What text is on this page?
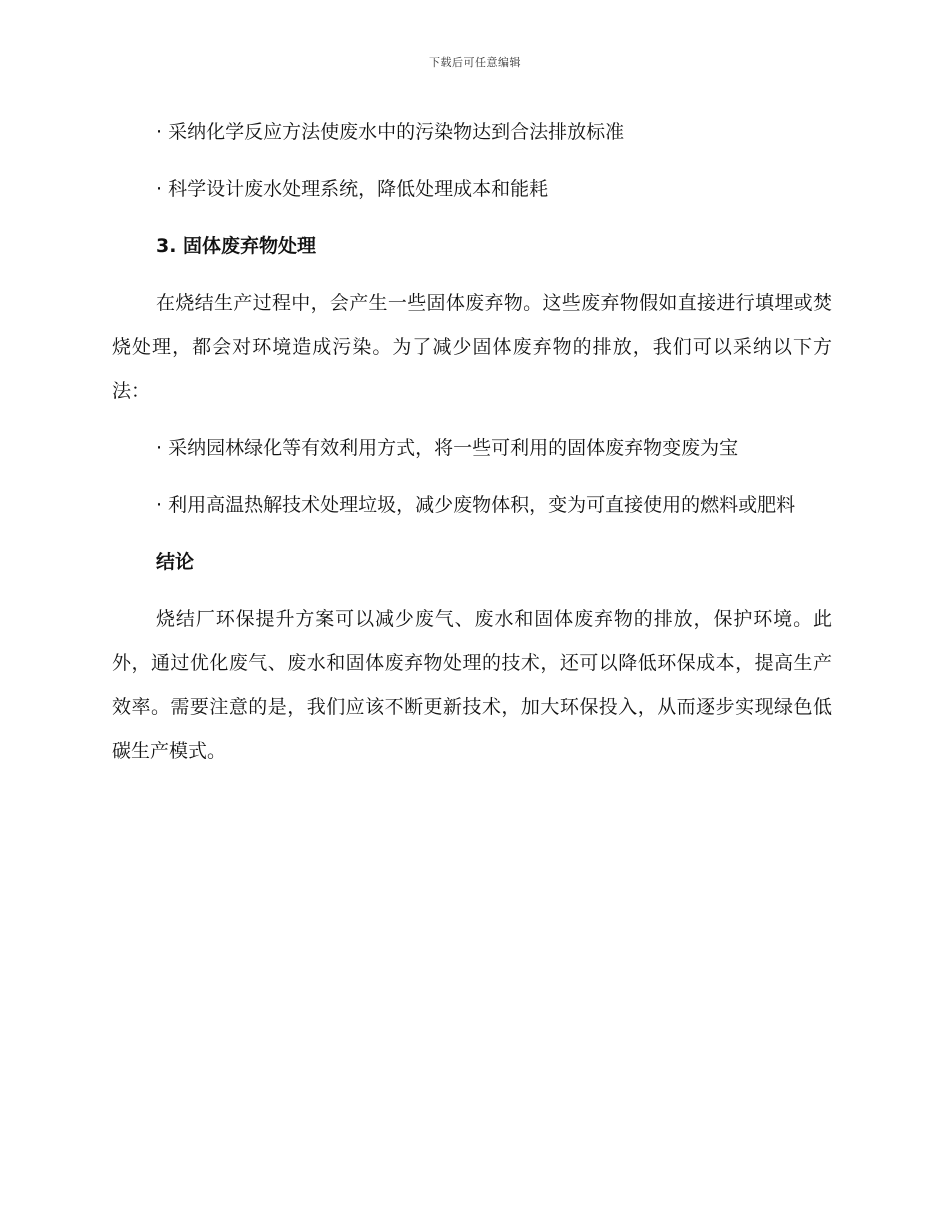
下载后可任意编辑

· 采纳化学反应方法使废水中的污染物达到合法排放标准

· 科学设计废水处理系统，降低处理成本和能耗

3. 固体废弃物处理

在烧结生产过程中，会产生一些固体废弃物。这些废弃物假如直接进行填埋或焚烧处理，都会对环境造成污染。为了减少固体废弃物的排放，我们可以采纳以下方法：

· 采纳园林绿化等有效利用方式，将一些可利用的固体废弃物变废为宝

· 利用高温热解技术处理垃圾，减少废物体积，变为可直接使用的燃料或肥料

结论

烧结厂环保提升方案可以减少废气、废水和固体废弃物的排放，保护环境。此外，通过优化废气、废水和固体废弃物处理的技术，还可以降低环保成本，提高生产效率。需要注意的是，我们应该不断更新技术，加大环保投入，从而逐步实现绿色低碳生产模式。
